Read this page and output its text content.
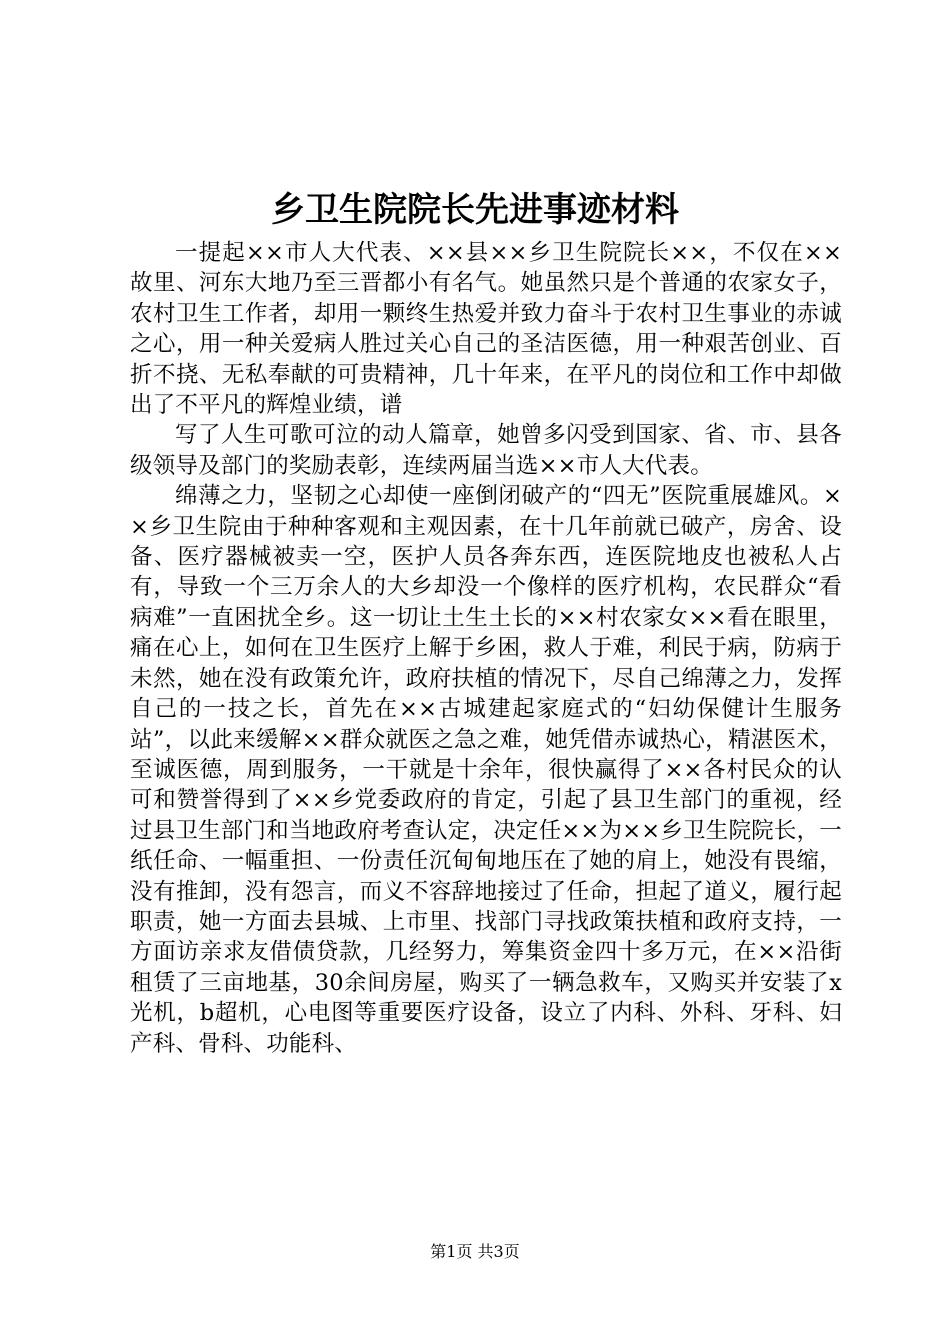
乡卫生院院长先进事迹材料

一提起××市人大代表、××县××乡卫生院院长××，不仅在××故里、河东大地乃至三晋都小有名气。她虽然只是个普通的农家女子，农村卫生工作者，却用一颗终生热爱并致力奋斗于农村卫生事业的赤诚之心，用一种关爱病人胜过关心自己的圣洁医德，用一种艰苦创业、百折不挠、无私奉献的可贵精神，几十年来，在平凡的岗位和工作中却做出了不平凡的辉煌业绩，谱

写了人生可歌可泣的动人篇章，她曾多闪受到国家、省、市、县各级领导及部门的奖励表彰，连续两届当选××市人大代表。

绵薄之力，坚韧之心却使一座倒闭破产的“四无”医院重展雄风。××乡卫生院由于种种客观和主观因素，在十几年前就已破产，房舍、设备、医疗器械被卖一空，医护人员各奔东西，连医院地皮也被私人占有，导致一个三万余人的大乡却没一个像样的医疗机构，农民群众“看病难”一直困扰全乡。这一切让土生土长的××村农家女××看在眼里，痛在心上，如何在卫生医疗上解于乡困，救人于难，利民于病，防病于未然，她在没有政策允许，政府扶植的情况下，尽自己绵薄之力，发挥自己的一技之长，首先在××古城建起家庭式的“妇幼保健计生服务站”，以此来缓解××群众就医之急之难，她凭借赤诚热心，精湛医术，至诚医德，周到服务，一干就是十余年，很快赢得了××各村民众的认可和赞誉得到了××乡党委政府的肯定，引起了县卫生部门的重视，经过县卫生部门和当地政府考查认定，决定任××为××乡卫生院院长，一纸任命、一幅重担、一份责任沉甸甸地压在了她的肩上，她没有畏缩，没有推卸，没有怨言，而义不容辞地接过了任命，担起了道义，履行起职责，她一方面去县城、上市里、找部门寻找政策扶植和政府支持，一方面访亲求友借债贷款，几经努力，筹集资金四十多万元，在××沿街租赁了三亩地基，30余间房屋，购买了一辆急救车，又购买并安装了x光机，b超机，心电图等重要医疗设备，设立了内科、外科、牙科、妇产科、骨科、功能科、

第1页 共3页
